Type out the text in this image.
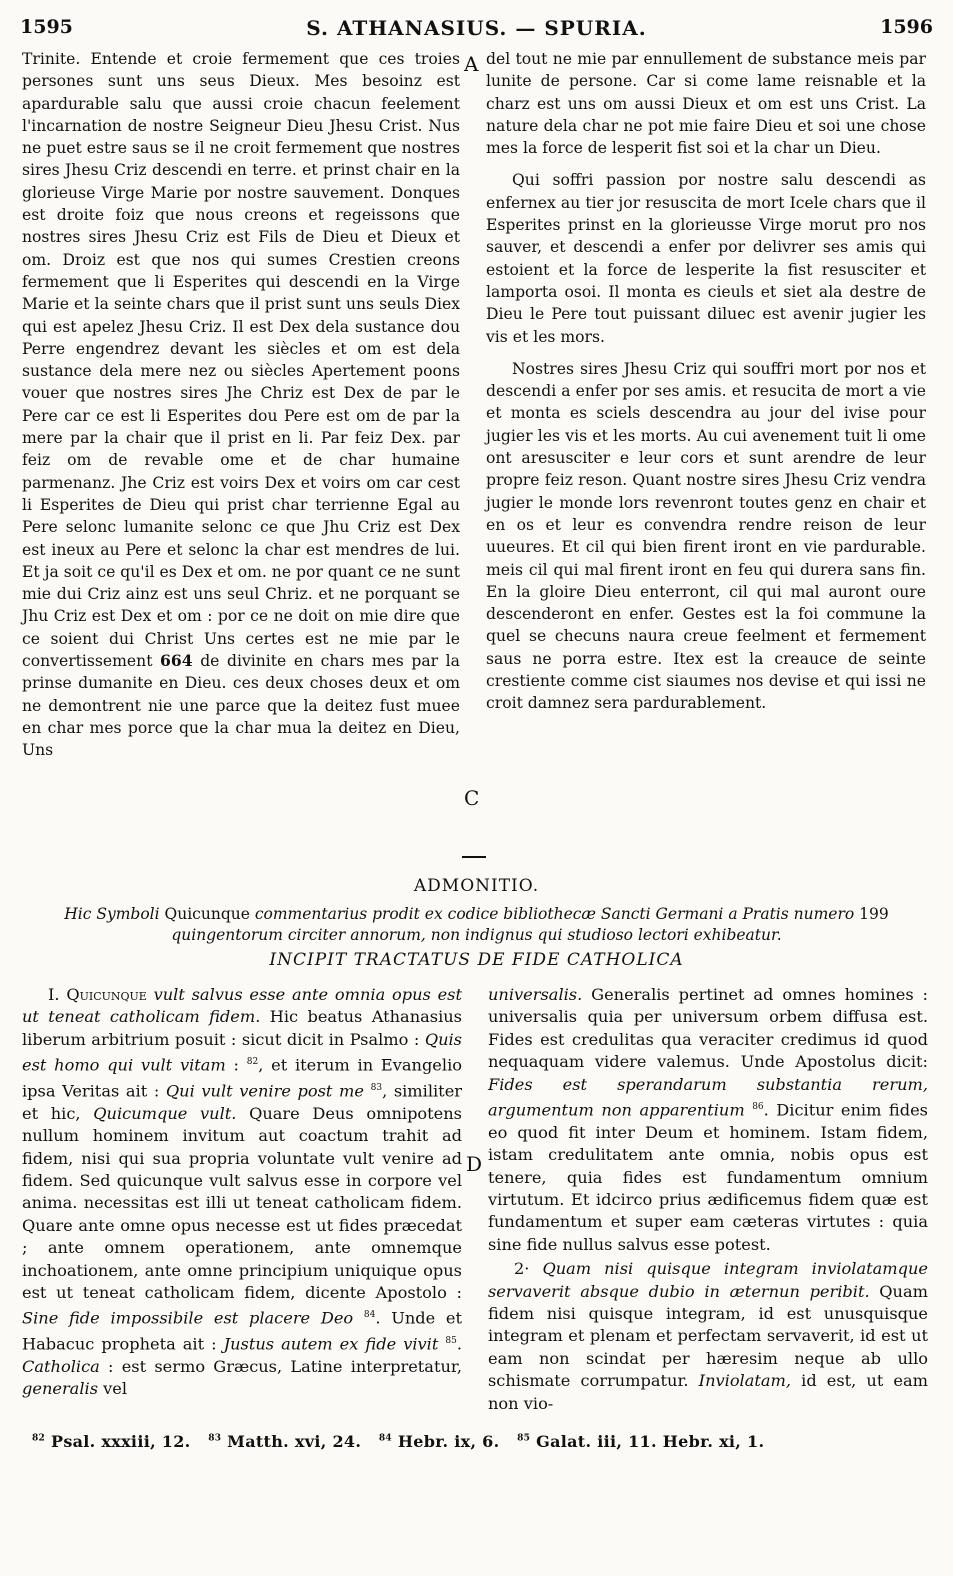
1595	S. ATHANASIUS. — SPURIA.	1596

Trinite. Entende et croie fermement que ces troies persones sunt uns seus Dieux. Mes besoinz est apardurable salu que aussi croie chacun feelement l'incarnation de nostre Seigneur Dieu Jhesu Crist. Nus ne puet estre saus se il ne croit fermement que nostres sires Jhesu Criz descendi en terre. et prinst chair en la glorieuse Virge Marie por nostre sauvement. Donques est droite foiz que nous creons et regeissons que nostres sires Jhesu Criz est Fils de Dieu et Dieux et om. Droiz est que nos qui sumes Crestien creons fermement que li Esperites qui descendi en la Virge Marie et la seinte chars que il prist sunt uns seuls Diex qui est apelez Jhesu Criz. Il est Dex dela sustance dou Perre engendrez devant les siècles et om est dela sustance dela mere nez ou siècles Apertement poons vouer que nostres sires Jhe Chriz est Dex de par le Pere car ce est li Esperites dou Pere est om de par la mere par la chair que il prist en li. Par feiz Dex. par feiz om de revable ome et de char humaine parmenanz. Jhe Criz est voirs Dex et voirs om car cest li Esperites de Dieu qui prist char terrienne Egal au Pere selonc lumanite selonc ce que Jhu Criz est Dex est ineux au Pere et selonc la char est mendres de lui. Et ja soit ce qu'il es Dex et om. ne por quant ce ne sunt mie dui Criz ainz est uns seul Chriz. et ne porquant se Jhu Criz est Dex et om : por ce ne doit on mie dire que ce soient dui Christ Uns certes est ne mie par le convertissement 664 de divinite en chars mes par la prinse dumanite en Dieu. ces deux choses deux et om ne demontrent nie une parce que la deitez fust muee en char mes porce que la char mua la deitez en Dieu, Uns

A
C

del tout ne mie par ennullement de substance meis par lunite de persone. Car si come lame reisnable et la charz est uns om aussi Dieux et om est uns Crist. La nature dela char ne pot mie faire Dieu et soi une chose mes la force de lesperit fist soi et la char un Dieu.

Qui soffri passion por nostre salu descendi as enfernex au tier jor resuscita de mort Icele chars que il Esperites prinst en la glorieusse Virge morut pro nos sauver, et descendi a enfer por delivrer ses amis qui estoient et la force de lesperite la fist resusciter et lamporta osoi. Il monta es cieuls et siet ala destre de Dieu le Pere tout puissant diluec est avenir jugier les vis et les mors.

Nostres sires Jhesu Criz qui souffri mort por nos et descendi a enfer por ses amis. et resucita de mort a vie et monta es sciels descendra au jour del ivise pour jugier les vis et les morts. Au cui avenement tuit li ome ont aresusciter e leur cors et sunt arendre de leur propre feiz reson. Quant nostre sires Jhesu Criz vendra jugier le monde lors revenront toutes genz en chair et en os et leur es convendra rendre reison de leur uueures. Et cil qui bien firent iront en vie pardurable. meis cil qui mal firent iront en feu qui durera sans fin. En la gloire Dieu enterront, cil qui mal auront oure descenderont en enfer. Gestes est la foi commune la quel se checuns naura creue feelment et fermement saus ne porra estre. Itex est la creauce de seinte crestiente comme cist siaumes nos devise et qui issi ne croit damnez sera pardurablement.

ADMONITIO.
Hic Symboli Quicunque commentarius prodit ex codice bibliothecæ Sancti Germani a Pratis numero 199 quingentorum circiter annorum, non indignus qui studioso lectori exhibeatur.
INCIPIT TRACTATUS DE FIDE CATHOLICA

I. Quicunque vult salvus esse ante omnia opus est ut teneat catholicam fidem. Hic beatus Athanasius liberum arbitrium posuit : sicut dicit in Psalmo : Quis est homo qui vult vitam : $^{82}$, et iterum in Evangelio ipsa Veritas ait : Qui vult venire post me $^{83}$, similiter et hic, Quicumque vult. Quare Deus omnipotens nullum hominem invitum aut coactum trahit ad fidem, nisi qui sua propria voluntate vult venire ad fidem. Sed quicunque vult salvus esse in corpore vel anima. necessitas est illi ut teneat catholicam fidem. Quare ante omne opus necesse est ut fides præcedat ; ante omnem operationem, ante omnemque inchoationem, ante omne principium uniquique opus est ut teneat catholicam fidem, dicente Apostolo : Sine fide impossibile est placere Deo $^{84}$. Unde et Habacuc propheta ait : Justus autem ex fide vivit $^{85}$. Catholica : est sermo Græcus, Latine interpretatur, generalis vel

D

universalis. Generalis pertinet ad omnes homines : universalis quia per universum orbem diffusa est. Fides est credulitas qua veraciter credimus id quod nequaquam videre valemus. Unde Apostolus dicit: Fides est sperandarum substantia rerum, argumentum non apparentium $^{86}$. Dicitur enim fides eo quod fit inter Deum et hominem. Istam fidem, istam credulitatem ante omnia, nobis opus est tenere, quia fides est fundamentum omnium virtutum. Et idcirco prius ædificemus fidem quæ est fundamentum et super eam cæteras virtutes : quia sine fide nullus salvus esse potest.

2· Quam nisi quisque integram inviolatamque servaverit absque dubio in æternun peribit. Quam fidem nisi quisque integram, id est unusquisque integram et plenam et perfectam servaverit, id est ut eam non scindat per hæresim neque ab ullo schismate corrumpatur. Inviolatam, id est, ut eam non vio-

$^{82}$ Psal. xxxiii, 12. $^{83}$ Matth. xvi, 24. $^{84}$ Hebr. ix, 6. $^{85}$ Galat. iii, 11. Hebr. xi, 1.
